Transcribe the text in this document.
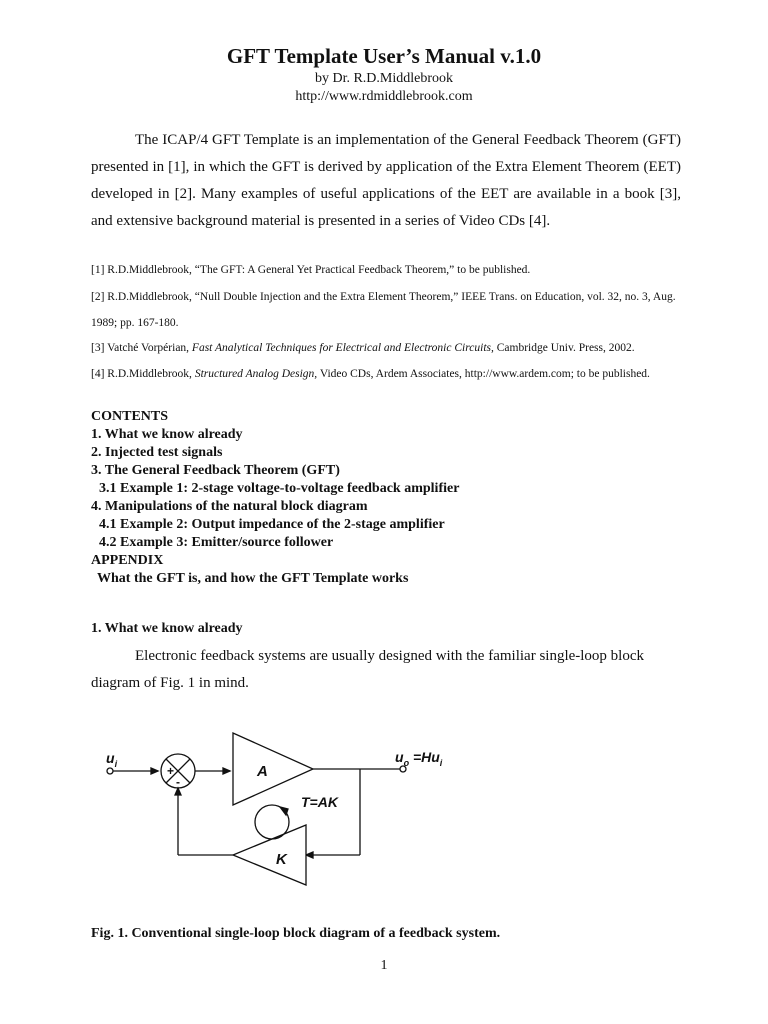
GFT Template User’s Manual v.1.0
by Dr. R.D.Middlebrook
http://www.rdmiddlebrook.com
The ICAP/4 GFT Template is an implementation of the General Feedback Theorem (GFT) presented in [1], in which the GFT is derived by application of the Extra Element Theorem (EET) developed in [2]. Many examples of useful applications of the EET are available in a book [3], and extensive background material is presented in a series of Video CDs [4].

[1] R.D.Middlebrook, “The GFT: A General Yet Practical Feedback Theorem,” to be published.

[2] R.D.Middlebrook, “Null Double Injection and the Extra Element Theorem,” IEEE Trans. on Education, vol. 32, no. 3, Aug. 1989; pp. 167-180.

[3] Vatché Vorpérian, Fast Analytical Techniques for Electrical and Electronic Circuits, Cambridge Univ. Press, 2002.

[4] R.D.Middlebrook, Structured Analog Design, Video CDs, Ardem Associates, http://www.ardem.com; to be published.

CONTENTS
1. What we know already
2. Injected test signals
3. The General Feedback Theorem (GFT)
3.1 Example 1: 2-stage voltage-to-voltage feedback amplifier
4. Manipulations of the natural block diagram
4.1 Example 2: Output impedance of the 2-stage amplifier
4.2 Example 3: Emitter/source follower
APPENDIX
What the GFT is, and how the GFT Template works
1. What we know already
Electronic feedback systems are usually designed with the familiar single-loop block diagram of Fig. 1 in mind.
$u_i$	+
-
A
$u_o =Hu_i$
T=AK
K
Fig. 1. Conventional single-loop block diagram of a feedback system.
1
